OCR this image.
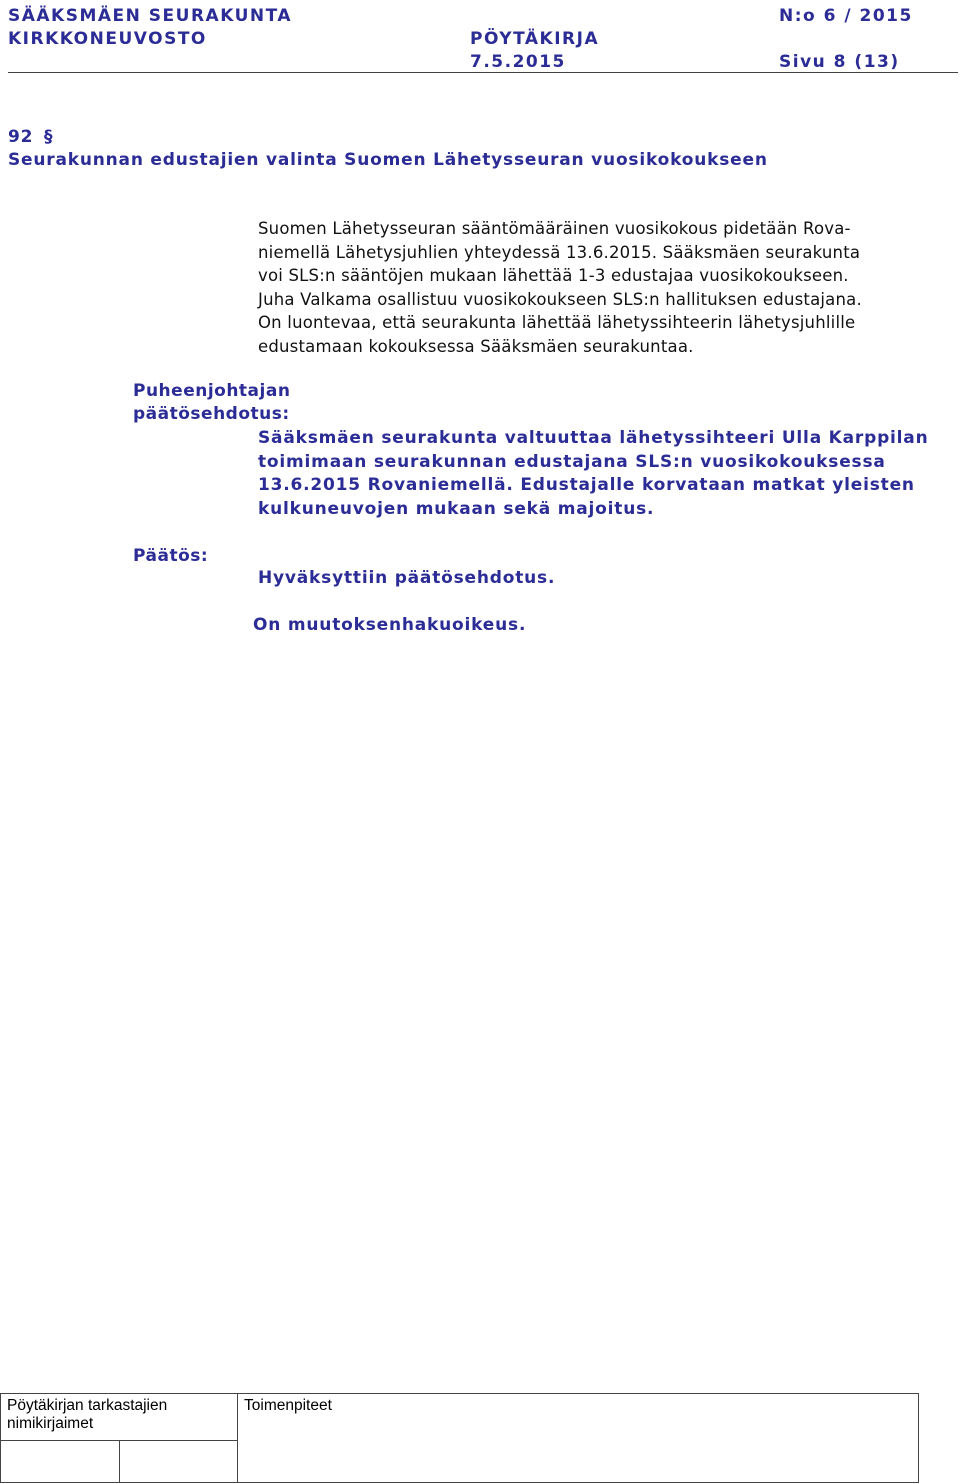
SÄÄKSMÄEN SEURAKUNTA
KIRKKONEUVOSTO
N:o 6 / 2015
PÖYTÄKIRJA
7.5.2015	Sivu 8 (13)
92 §
Seurakunnan edustajien valinta Suomen Lähetysseuran vuosikokoukseen

Suomen Lähetysseuran sääntömääräinen vuosikokous pidetään Rova-

niemellä Lähetysjuhlien yhteydessä 13.6.2015. Sääksmäen seurakunta

voi SLS:n sääntöjen mukaan lähettää 1-3 edustajaa vuosikokoukseen.

Juha Valkama osallistuu vuosikokoukseen SLS:n hallituksen edustajana.

On luontevaa, että seurakunta lähettää lähetyssihteerin lähetysjuhlille

edustamaan kokouksessa Sääksmäen seurakuntaa.

Puheenjohtajan
päätösehdotus:

Sääksmäen seurakunta valtuuttaa lähetyssihteeri Ulla Karppilan

toimimaan seurakunnan edustajana SLS:n vuosikokouksessa

13.6.2015 Rovaniemellä. Edustajalle korvataan matkat yleisten

kulkuneuvojen mukaan sekä majoitus.

Päätös:
Hyväksyttiin päätösehdotus.
On muutoksenhakuoikeus.
Pöytäkirjan tarkastajien
nimikirjaimet		Toimenpiteet
